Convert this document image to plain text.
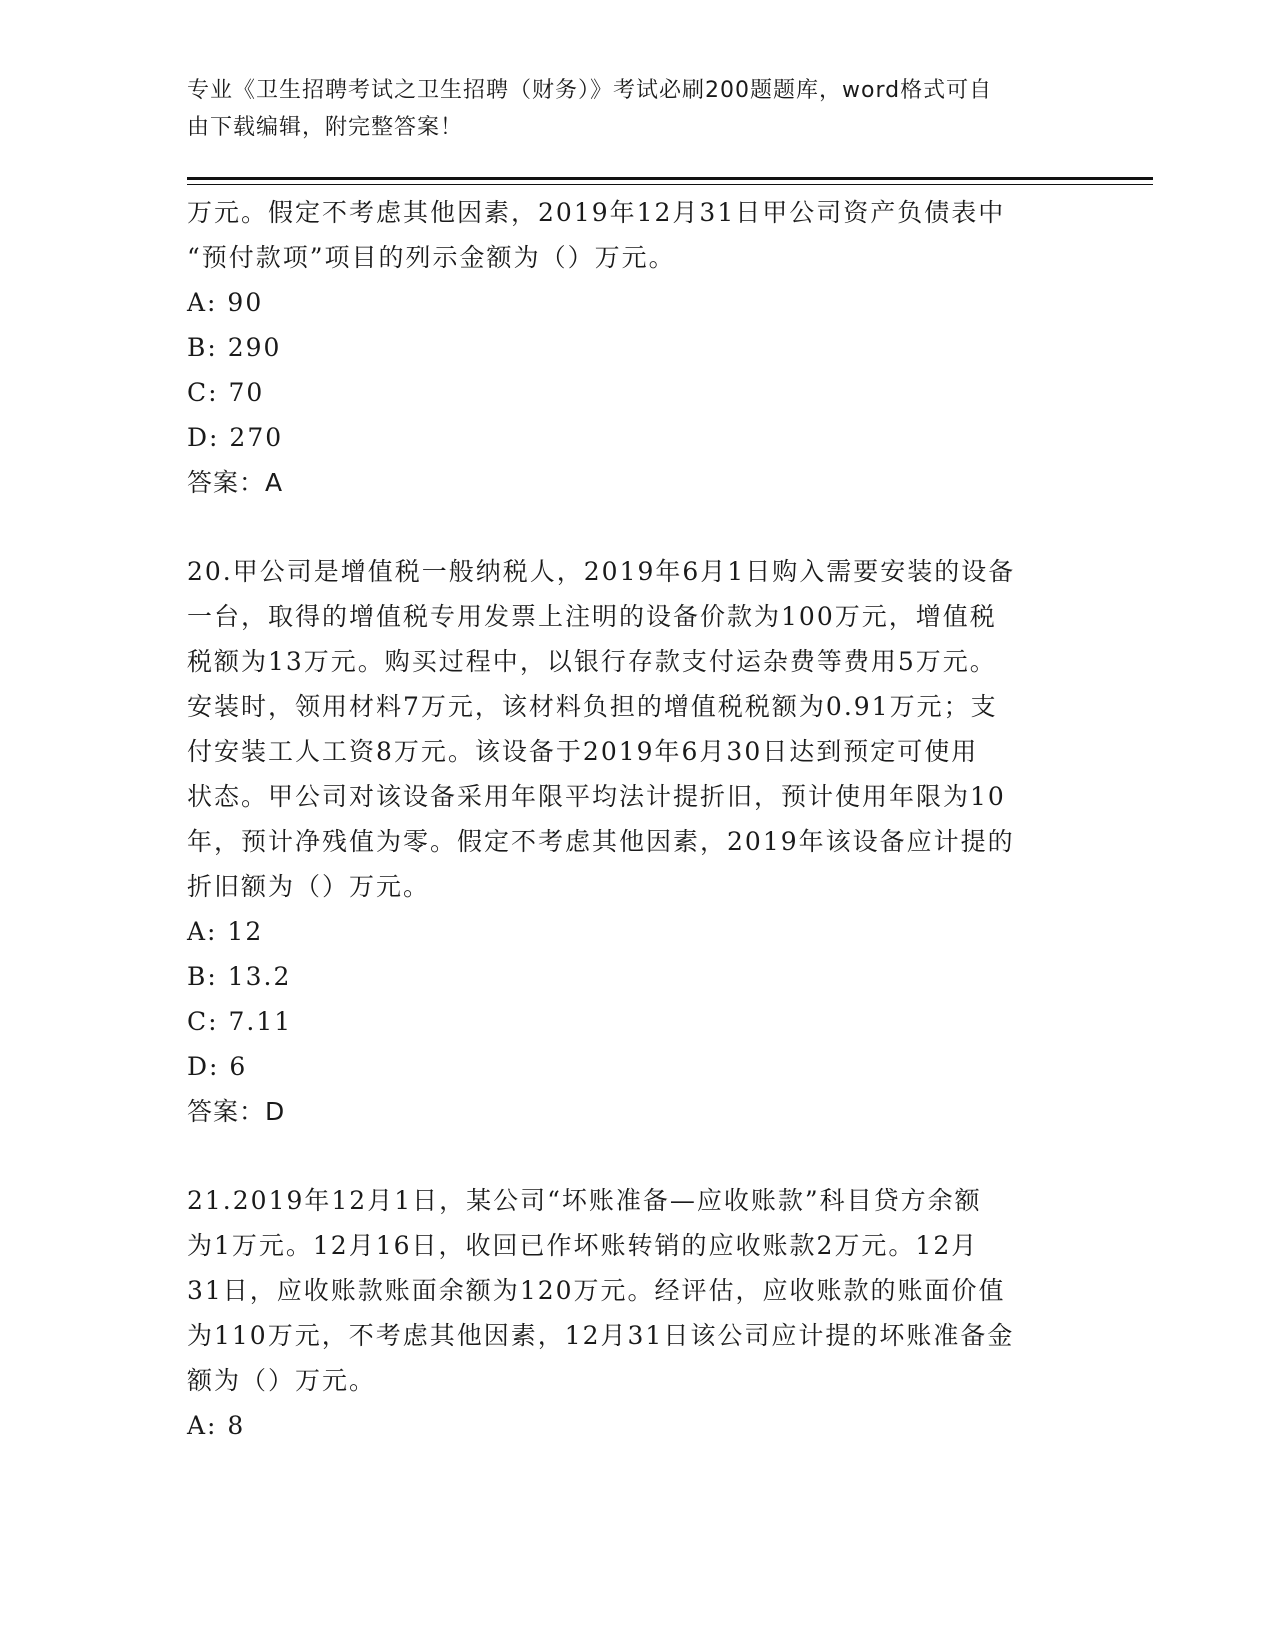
专业《卫生招聘考试之卫生招聘（财务）》考试必刷200题题库，word格式可自
由下载编辑，附完整答案！

万元。假定不考虑其他因素，2019年12月31日甲公司资产负债表中

“预付款项”项目的列示金额为（）万元。

A: 90

B: 290

C: 70

D: 270

答案：A

20.甲公司是增值税一般纳税人，2019年6月1日购入需要安装的设备

一台，取得的增值税专用发票上注明的设备价款为100万元，增值税

税额为13万元。购买过程中，以银行存款支付运杂费等费用5万元。

安装时，领用材料7万元，该材料负担的增值税税额为0.91万元；支

付安装工人工资8万元。该设备于2019年6月30日达到预定可使用

状态。甲公司对该设备采用年限平均法计提折旧，预计使用年限为10

年，预计净残值为零。假定不考虑其他因素，2019年该设备应计提的

折旧额为（）万元。

A: 12

B: 13.2

C: 7.11

D: 6

答案：D

21.2019年12月1日，某公司“坏账准备—应收账款”科目贷方余额

为1万元。12月16日，收回已作坏账转销的应收账款2万元。12月

31日，应收账款账面余额为120万元。经评估，应收账款的账面价值

为110万元，不考虑其他因素，12月31日该公司应计提的坏账准备金

额为（）万元。

A: 8
